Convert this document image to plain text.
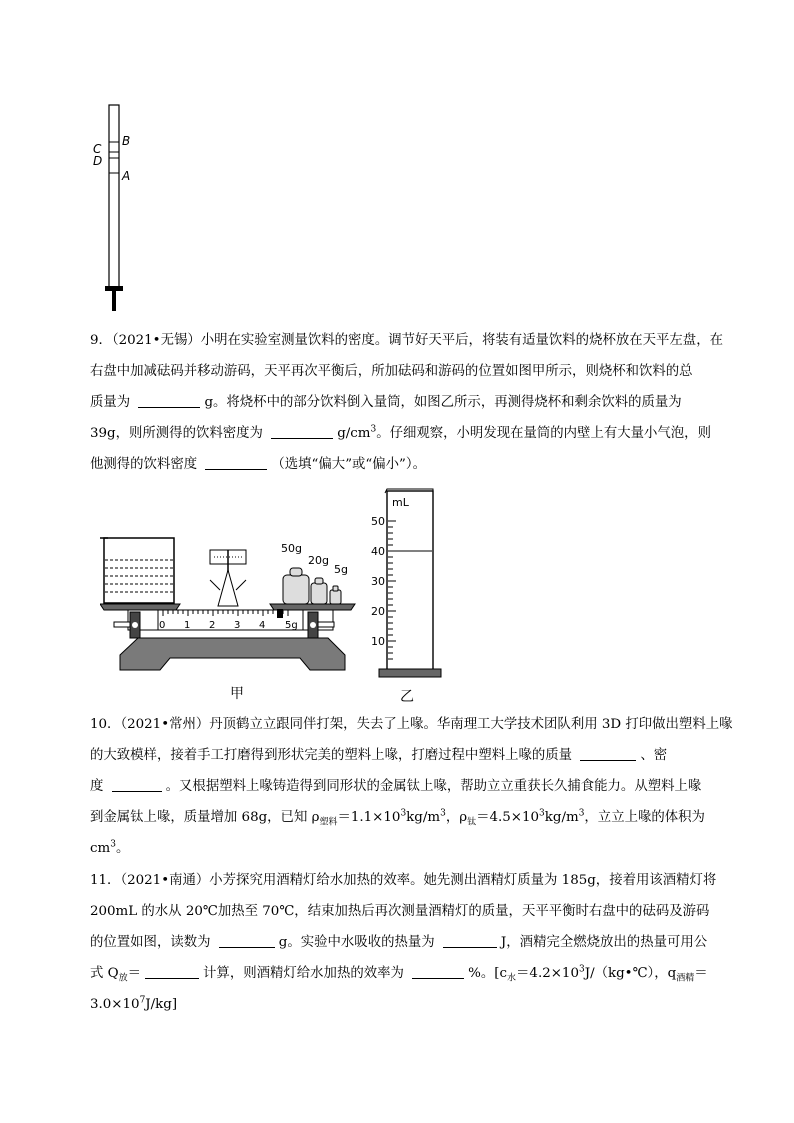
B
C
D
A

9．（2021•无锡）小明在实验室测量饮料的密度。调节好天平后，将装有适量饮料的烧杯放在天平左盘，在

右盘中加减砝码并移动游码，天平再次平衡后，所加砝码和游码的位置如图甲所示，则烧杯和饮料的总

质量为	g。将烧杯中的部分饮料倒入量筒，如图乙所示，再测得烧杯和剩余饮料的质量为

39g，则所测得的饮料密度为	$g/cm^3$。仔细观察，小明发现在量筒的内壁上有大量小气泡，则

他测得的饮料密度	（选填“偏大”或“偏小”）。

50g
20g
5g
0 1 2 3 4 5g
甲
mL
50
40
30
20
10
乙

10．（2021•常州）丹顶鹤立立跟同伴打架，失去了上喙。华南理工大学技术团队利用 3D 打印做出塑料上喙

的大致模样，接着手工打磨得到形状完美的塑料上喙，打磨过程中塑料上喙的质量	、密

度	。又根据塑料上喙铸造得到同形状的金属钛上喙，帮助立立重获长久捕食能力。从塑料上喙

到金属钛上喙，质量增加 68g，已知 $\rho_{塑料}=1.1\times 10^3kg/m^3$，$\rho_钛=4.5\times 10^3kg/m^3$，立立上喙的体积为

$cm^3$。

11．（2021•南通）小芳探究用酒精灯给水加热的效率。她先测出酒精灯质量为 185g，接着用该酒精灯将

200mL 的水从 20℃加热至 70℃，结束加热后再次测量酒精灯的质量，天平平衡时右盘中的砝码及游码

的位置如图，读数为	g。实验中水吸收的热量为	J，酒精完全燃烧放出的热量可用公

式 $Q_放=$	计算，则酒精灯给水加热的效率为	%。[$c_水=4.2\times 10^3J/(kg•℃)$，$q_{酒精}=$

$3.0\times 10^7J/kg$]
